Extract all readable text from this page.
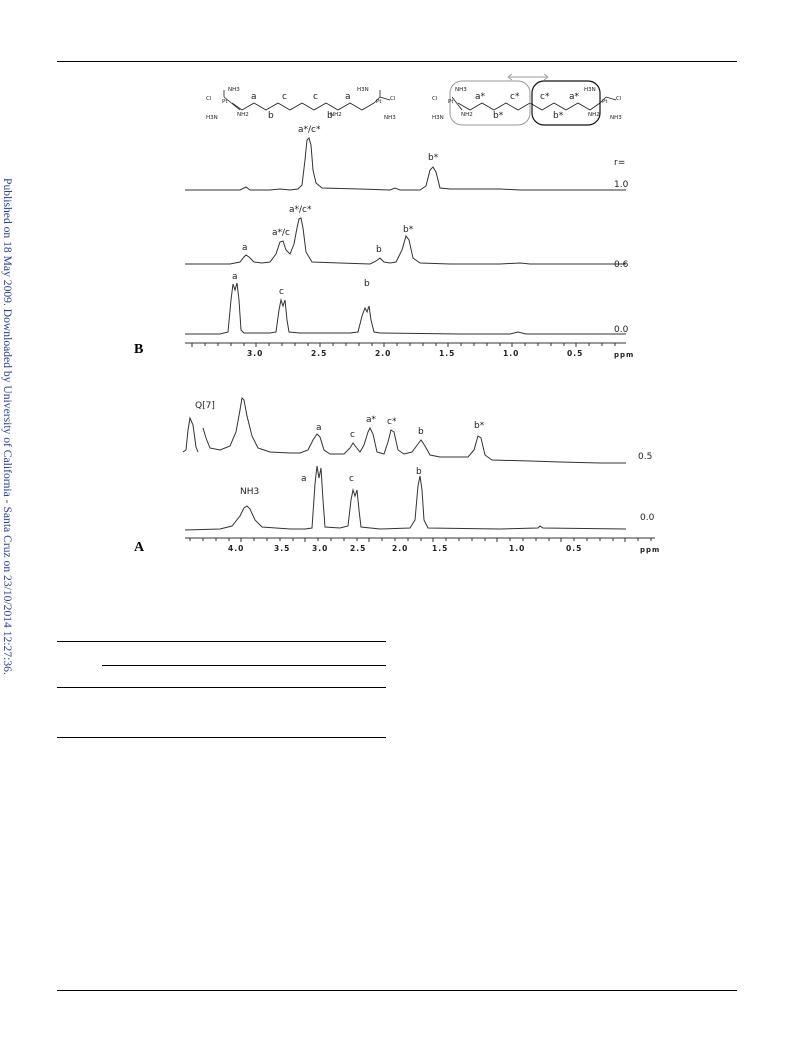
Published on 18 May 2009. Downloaded by University of California - Santa Cruz on 23/10/2014 12:27:36.	B
A
Cl
NH3
H3N
Pt
NH2	NH2
H3N
Pt Cl
NH3
a
b
c	c
b
a	Cl
NH3
H3N
Pt
NH2	NH2
H3N
Pt Cl
NH3
a*
b*
c* c* a*
b*
a*/c*
b*	r=
1.0
a
a*/c
a*/c*
b
b*
0.6
a
c
b
0.0
3.0	2.5	2.0	1.5	1.0	0.5	ppm
Q[7]
a
c
a* c*
b
b*
0.5
NH3
a	c
b
0.0
4.0	3.5	3.0	2.5	2.0	1.5	1.0	0.5	ppm
